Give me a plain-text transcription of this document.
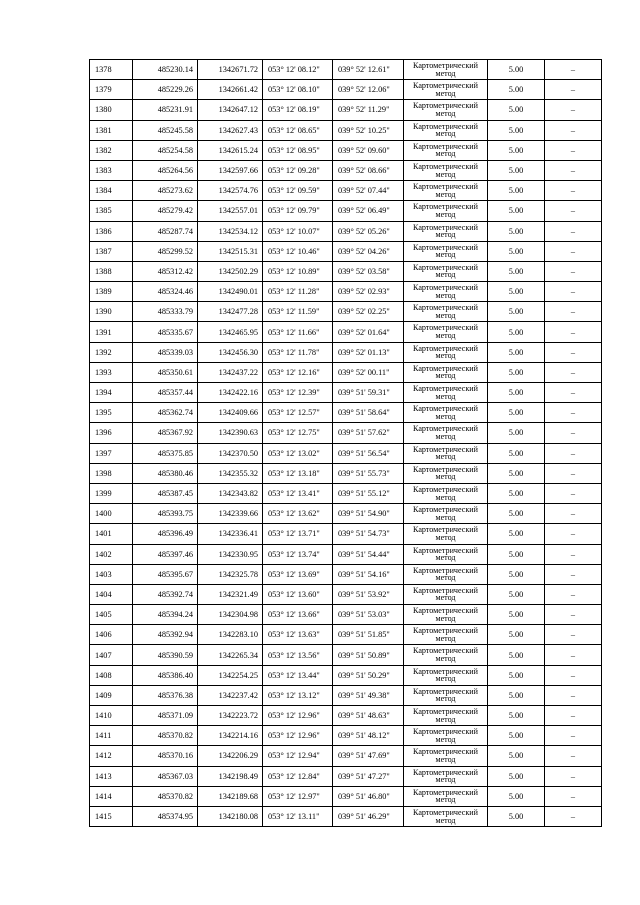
1378	485230.14	1342671.72	053° 12' 08.12"	039° 52' 12.61"	Картометрический метод	5.00	–
1379	485229.26	1342661.42	053° 12' 08.10"	039° 52' 12.06"	Картометрический метод	5.00	–
1380	485231.91	1342647.12	053° 12' 08.19"	039° 52' 11.29"	Картометрический метод	5.00	–
1381	485245.58	1342627.43	053° 12' 08.65"	039° 52' 10.25"	Картометрический метод	5.00	–
1382	485254.58	1342615.24	053° 12' 08.95"	039° 52' 09.60"	Картометрический метод	5.00	–
1383	485264.56	1342597.66	053° 12' 09.28"	039° 52' 08.66"	Картометрический метод	5.00	–
1384	485273.62	1342574.76	053° 12' 09.59"	039° 52' 07.44"	Картометрический метод	5.00	–
1385	485279.42	1342557.01	053° 12' 09.79"	039° 52' 06.49"	Картометрический метод	5.00	–
1386	485287.74	1342534.12	053° 12' 10.07"	039° 52' 05.26"	Картометрический метод	5.00	–
1387	485299.52	1342515.31	053° 12' 10.46"	039° 52' 04.26"	Картометрический метод	5.00	–
1388	485312.42	1342502.29	053° 12' 10.89"	039° 52' 03.58"	Картометрический метод	5.00	–
1389	485324.46	1342490.01	053° 12' 11.28"	039° 52' 02.93"	Картометрический метод	5.00	–
1390	485333.79	1342477.28	053° 12' 11.59"	039° 52' 02.25"	Картометрический метод	5.00	–
1391	485335.67	1342465.95	053° 12' 11.66"	039° 52' 01.64"	Картометрический метод	5.00	–
1392	485339.03	1342456.30	053° 12' 11.78"	039° 52' 01.13"	Картометрический метод	5.00	–
1393	485350.61	1342437.22	053° 12' 12.16"	039° 52' 00.11"	Картометрический метод	5.00	–
1394	485357.44	1342422.16	053° 12' 12.39"	039° 51' 59.31"	Картометрический метод	5.00	–
1395	485362.74	1342409.66	053° 12' 12.57"	039° 51' 58.64"	Картометрический метод	5.00	–
1396	485367.92	1342390.63	053° 12' 12.75"	039° 51' 57.62"	Картометрический метод	5.00	–
1397	485375.85	1342370.50	053° 12' 13.02"	039° 51' 56.54"	Картометрический метод	5.00	–
1398	485380.46	1342355.32	053° 12' 13.18"	039° 51' 55.73"	Картометрический метод	5.00	–
1399	485387.45	1342343.82	053° 12' 13.41"	039° 51' 55.12"	Картометрический метод	5.00	–
1400	485393.75	1342339.66	053° 12' 13.62"	039° 51' 54.90"	Картометрический метод	5.00	–
1401	485396.49	1342336.41	053° 12' 13.71"	039° 51' 54.73"	Картометрический метод	5.00	–
1402	485397.46	1342330.95	053° 12' 13.74"	039° 51' 54.44"	Картометрический метод	5.00	–
1403	485395.67	1342325.78	053° 12' 13.69"	039° 51' 54.16"	Картометрический метод	5.00	–
1404	485392.74	1342321.49	053° 12' 13.60"	039° 51' 53.92"	Картометрический метод	5.00	–
1405	485394.24	1342304.98	053° 12' 13.66"	039° 51' 53.03"	Картометрический метод	5.00	–
1406	485392.94	1342283.10	053° 12' 13.63"	039° 51' 51.85"	Картометрический метод	5.00	–
1407	485390.59	1342265.34	053° 12' 13.56"	039° 51' 50.89"	Картометрический метод	5.00	–
1408	485386.40	1342254.25	053° 12' 13.44"	039° 51' 50.29"	Картометрический метод	5.00	–
1409	485376.38	1342237.42	053° 12' 13.12"	039° 51' 49.38"	Картометрический метод	5.00	–
1410	485371.09	1342223.72	053° 12' 12.96"	039° 51' 48.63"	Картометрический метод	5.00	–
1411	485370.82	1342214.16	053° 12' 12.96"	039° 51' 48.12"	Картометрический метод	5.00	–
1412	485370.16	1342206.29	053° 12' 12.94"	039° 51' 47.69"	Картометрический метод	5.00	–
1413	485367.03	1342198.49	053° 12' 12.84"	039° 51' 47.27"	Картометрический метод	5.00	–
1414	485370.82	1342189.68	053° 12' 12.97"	039° 51' 46.80"	Картометрический метод	5.00	–
1415	485374.95	1342180.08	053° 12' 13.11"	039° 51' 46.29"	Картометрический метод	5.00	–
